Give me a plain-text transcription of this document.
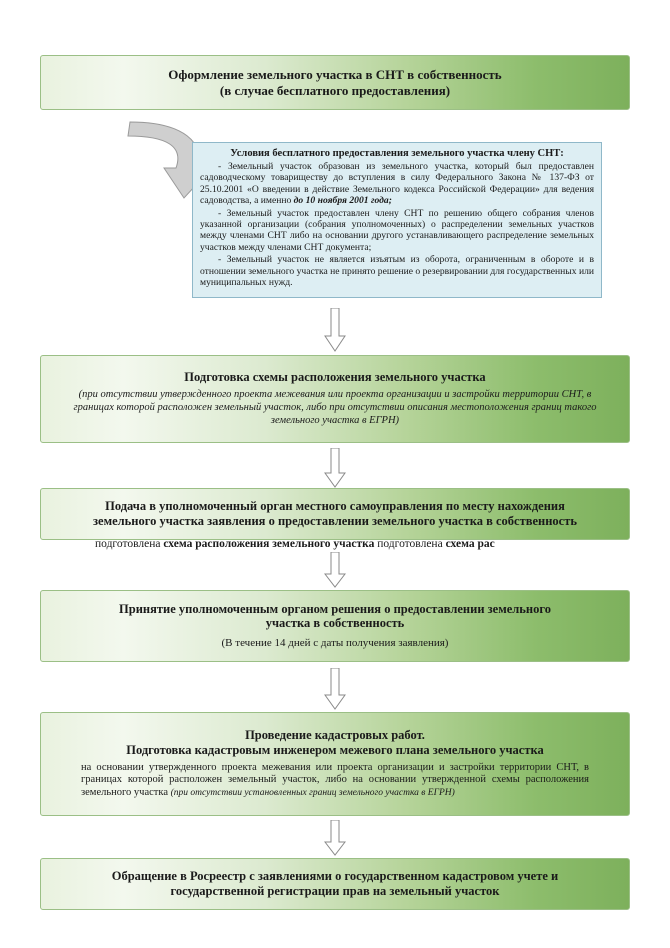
Оформление земельного участка в СНТ в собственность
(в случае бесплатного предоставления)
Условия бесплатного предоставления земельного участка члену СНТ:

- Земельный участок образован из земельного участка, который был предоставлен садоводческому товариществу до вступления в силу Федерального Закона № 137-ФЗ от 25.10.2001 «О введении в действие Земельного кодекса Российской Федерации» для ведения садоводства, а именно до 10 ноября 2001 года;

- Земельный участок предоставлен члену СНТ по решению общего собрания членов указанной организации (собрания уполномоченных) о распределении земельных участков между членами СНТ либо на основании другого устанавливающего распределение земельных участков между членами СНТ документа;

- Земельный участок не является изъятым из оборота, ограниченным в обороте и в отношении земельного участка не принято решение о резервировании для государственных или муниципальных нужд.

Подготовка схемы расположения земельного участка
(при отсутствии утвержденного проекта межевания или проекта организации и застройки территории СНТ, в границах которой расположен земельный участок, либо при отсутствии описания местоположения границ такого земельного участка в ЕГРН)
Подача в уполномоченный орган местного самоуправления по месту нахождения
земельного участка заявления о предоставлении земельного участка в собственность
подготовлена схема расположения земельного участка подготовлена схема рас
Принятие уполномоченным органом решения о предоставлении земельного
участка в собственность
(В течение 14 дней с даты получения заявления)
Проведение кадастровых работ.
Подготовка кадастровым инженером межевого плана земельного участка
на основании утвержденного проекта межевания или проекта организации и застройки территории СНТ, в границах которой расположен земельный участок, либо на основании утвержденной схемы расположения земельного участка (при отсутствии установленных границ земельного участка в ЕГРН)
Обращение в Росреестр с заявлениями о государственном кадастровом учете и
государственной регистрации прав на земельный участок
